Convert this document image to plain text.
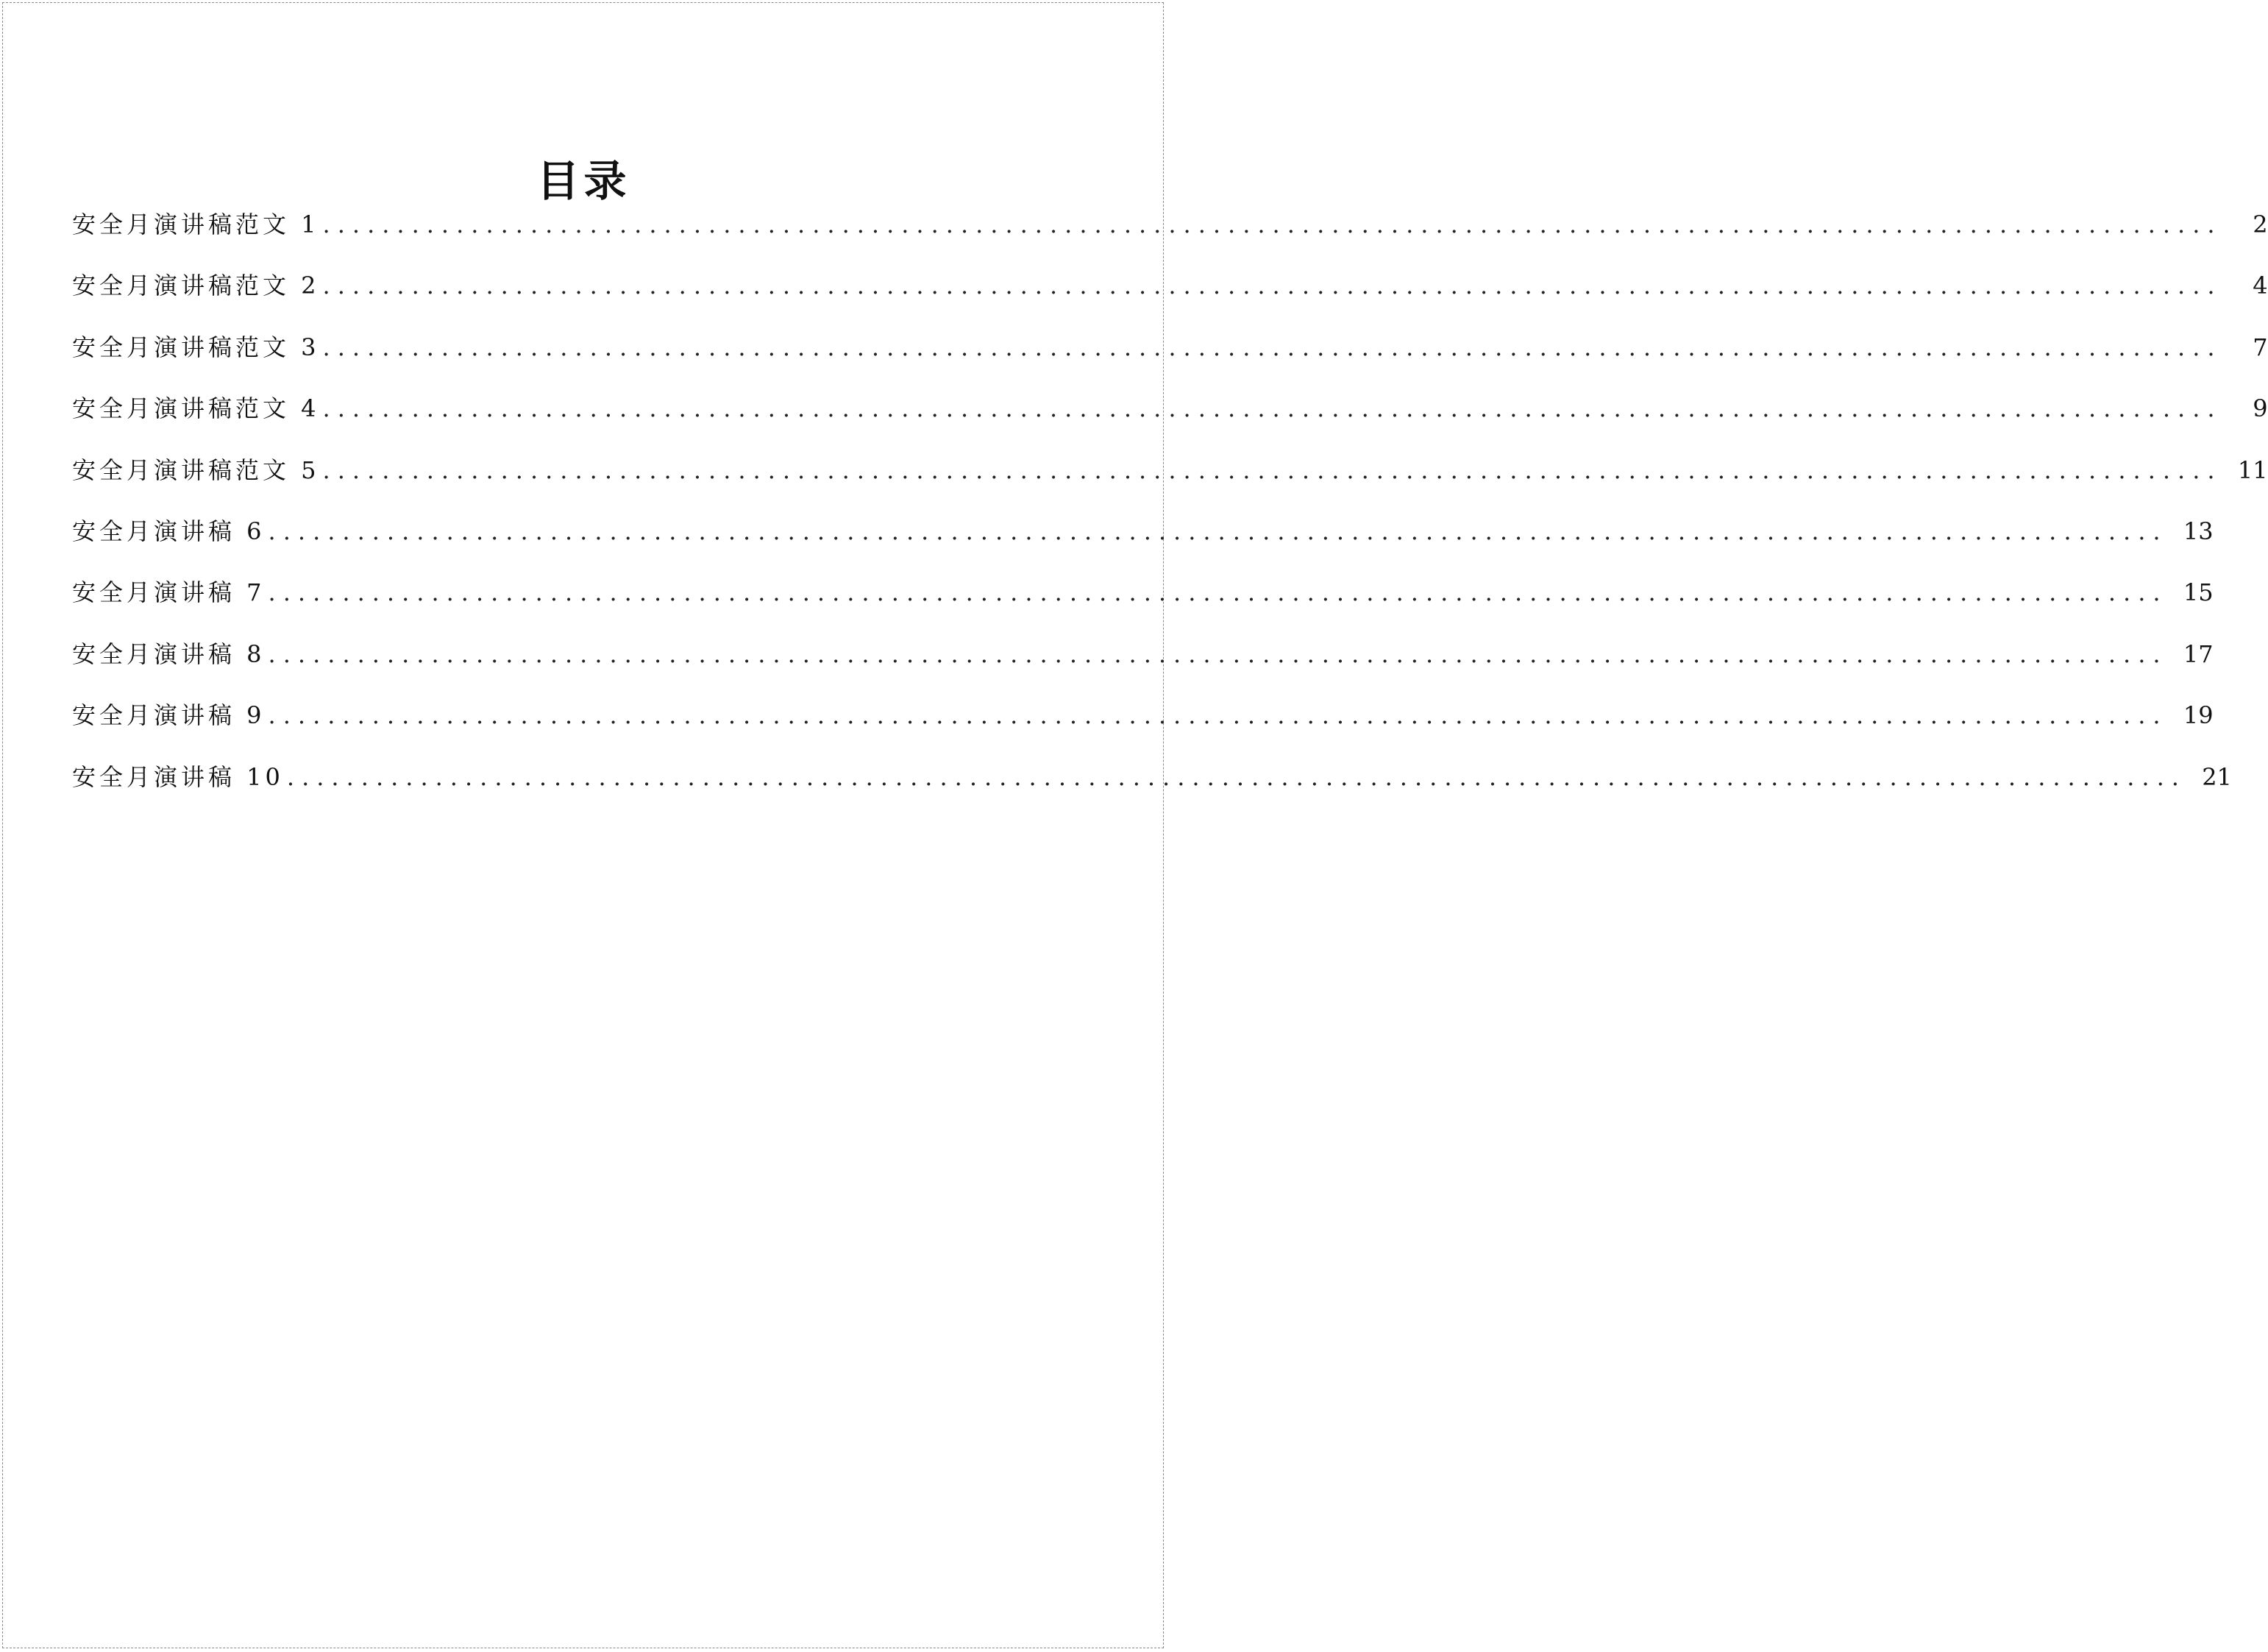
目录
安全月演讲稿范文 1 ................................................................................................................................	2
安全月演讲稿范文 2 ................................................................................................................................	4
安全月演讲稿范文 3 ................................................................................................................................	7
安全月演讲稿范文 4 ................................................................................................................................	9
安全月演讲稿范文 5 ................................................................................................................................ 11
安全月演讲稿 6 ................................................................................................................................ 13
安全月演讲稿 7 ................................................................................................................................ 15
安全月演讲稿 8 ................................................................................................................................ 17
安全月演讲稿 9 ................................................................................................................................ 19
安全月演讲稿 10 ................................................................................................................................ 21
